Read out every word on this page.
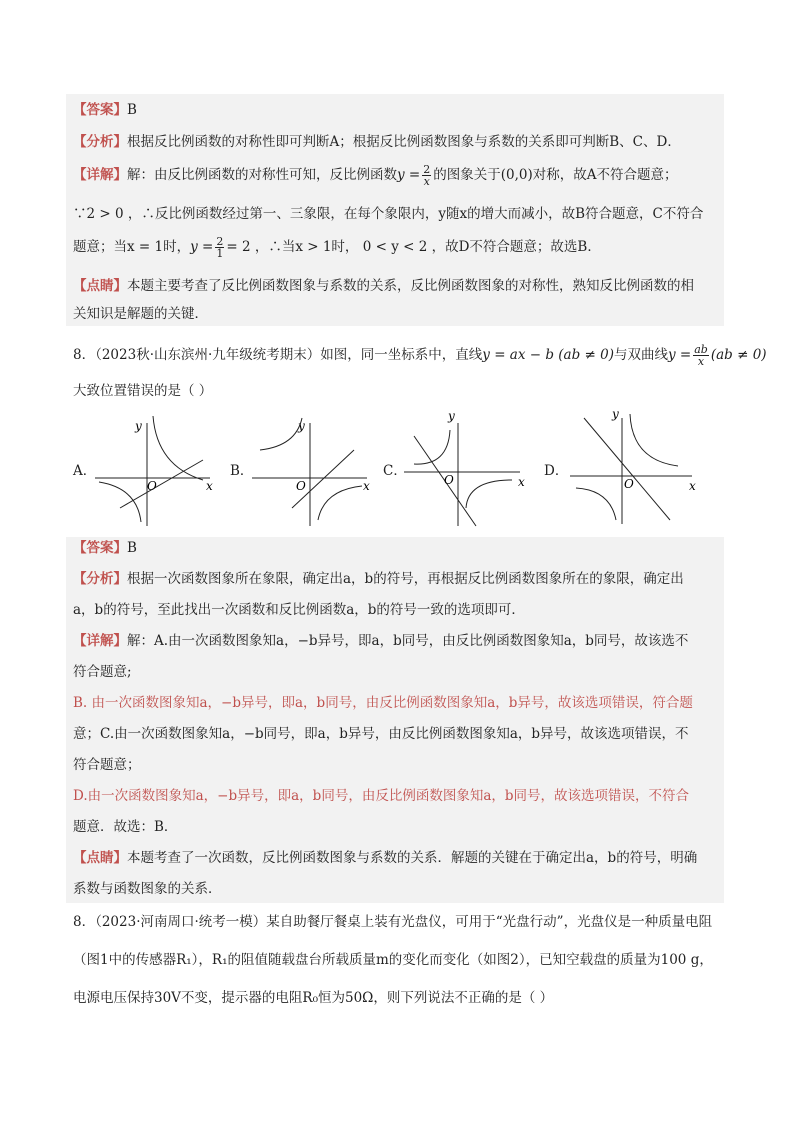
【答案】B
【分析】根据反比例函数的对称性即可判断A；根据反比例函数图象与系数的关系即可判断B、C、D．
【详解】解：由反比例函数的对称性可知，反比例函数$y = \frac{2}{x}$ 的图象关于(0,0)对称，故A不符合题意；
∵2 > 0 ，∴反比例函数经过第一、三象限，在每个象限内，y随x的增大而减小，故B符合题意，C不符合
题意；当x = 1时，$y = \frac{2}{1} = 2$ ，∴当x > 1时， 0 < y < 2 ，故D不符合题意；故选B．
【点睛】本题主要考查了反比例函数图象与系数的关系，反比例函数图象的对称性，熟知反比例函数的相
关知识是解题的关键．
8．（2023秋·山东滨州·九年级统考期末）如图，同一坐标系中，直线y = ax − b (ab ≠ 0)与双曲线$y = \frac{ab}{x} (ab \ne 0)$
大致位置错误的是（ ）
A．	B．	C．	D．
y
x
O
y
x
O
y
x
O
y
x
O
【答案】B
【分析】根据一次函数图象所在象限，确定出a，b的符号，再根据反比例函数图象所在的象限，确定出
a，b的符号，至此找出一次函数和反比例函数a，b的符号一致的选项即可．
【详解】解：A.由一次函数图象知a，−b异号，即a，b同号，由反比例函数图象知a，b同号，故该选不
符合题意;
B. 由一次函数图象知a，−b异号，即a，b同号，由反比例函数图象知a，b异号，故该选项错误，符合题
意；C.由一次函数图象知a，−b同号，即a，b异号，由反比例函数图象知a，b异号，故该选项错误，不
符合题意；
D.由一次函数图象知a，−b异号，即a，b同号，由反比例函数图象知a，b同号，故该选项错误，不符合
题意．故选：B．
【点睛】本题考查了一次函数，反比例函数图象与系数的关系．解题的关键在于确定出a，b的符号，明确
系数与函数图象的关系．
8．（2023·河南周口·统考一模）某自助餐厅餐桌上装有光盘仪，可用于“光盘行动”，光盘仪是一种质量电阻
（图1中的传感器R₁），R₁的阻值随载盘台所载质量m的变化而变化（如图2），已知空载盘的质量为100 g，
电源电压保持30V不变，提示器的电阻R₀恒为50Ω，则下列说法不正确的是（ ）
